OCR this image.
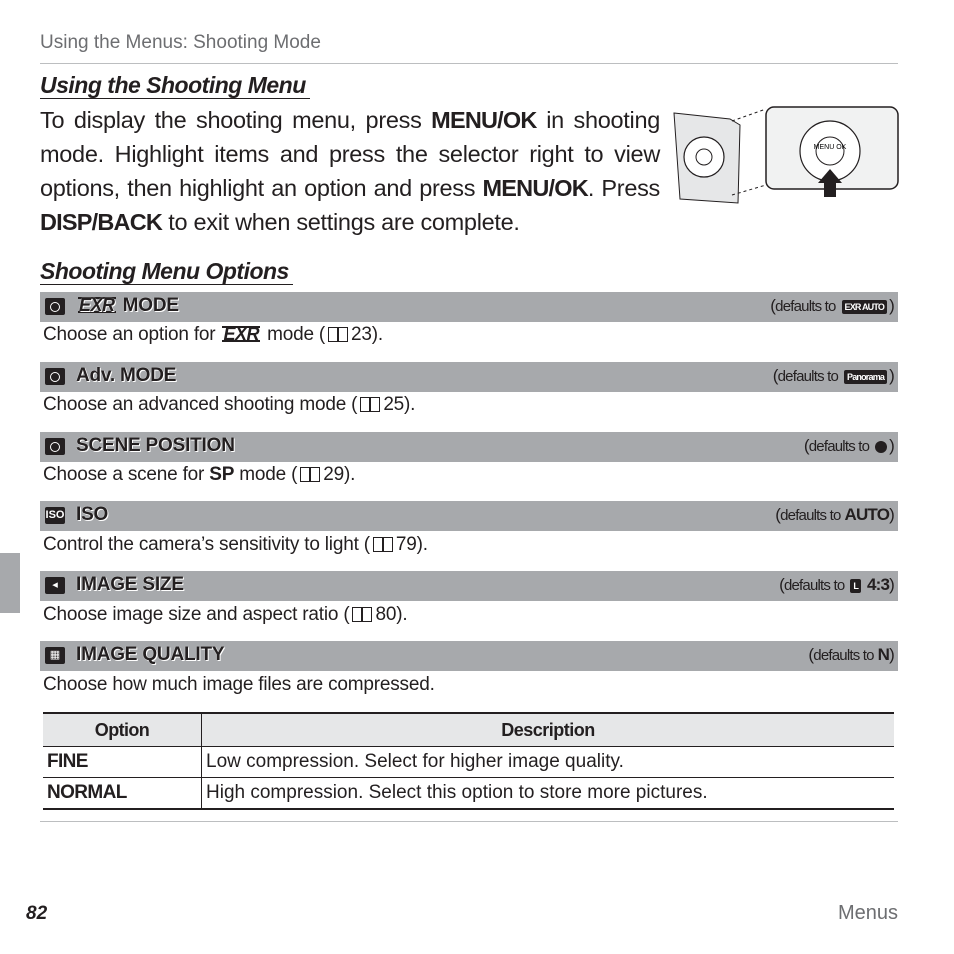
Using the Menus: Shooting Mode
Using the Shooting Menu
To display the shooting menu, press MENU/OK in shooting mode. Highlight items and press the selector right to view options, then highlight an option and press MENU/OK. Press DISP/BACK to exit when settings are complete.
MENU OK
Shooting Menu Options
EXR MODE	(defaults to EXR AUTO )
Choose an option for EXR mode ( 23).
Adv. MODE	(defaults to Panorama )
Choose an advanced shooting mode ( 25).
SCENE POSITION	(defaults to )
Choose a scene for SP mode ( 29).
ISO ISO	(defaults to AUTO)
Control the camera’s sensitivity to light ( 79).
◂ IMAGE SIZE	(defaults to L 4:3)
Choose image size and aspect ratio ( 80).
▦ IMAGE QUALITY	(defaults to N)
Choose how much image files are compressed.
Option	Description
FINE	Low compression. Select for higher image quality.
NORMAL	High compression. Select this option to store more pictures.
82	Menus
